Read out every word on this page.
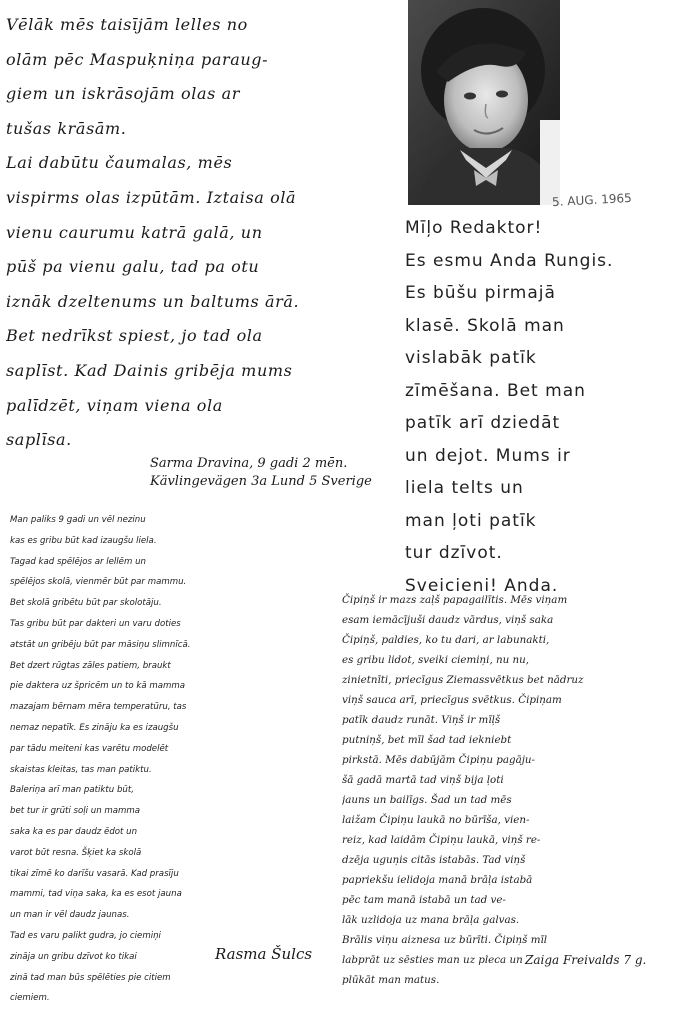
Vēlāk mēs taisījām lelles no
olām pēc Maspuķniņa paraug-
giem un iskrāsojām olas ar
tušas krāsām.
Lai dabūtu čaumalas, mēs
vispirms olas izpūtām. Iztaisa olā
vienu caurumu katrā galā, un
pūš pa vienu galu, tad pa otu
iznāk dzeltenums un baltums ārā.
Bet nedrīkst spiest, jo tad ola
saplīst. Kad Dainis gribēja mums
palīdzēt, viņam viena ola
saplīsa.
Sarma Dravina, 9 gadi 2 mēn.
Kävlingevägen 3a Lund 5 Sverige
5. AUG. 1965
Mīļo Redaktor!
Es esmu Anda Rungis.
Es būšu pirmajā
klasē. Skolā man
vislabāk patīk
zīmēšana. Bet man
patīk arī dziedāt
un dejot. Mums ir
liela telts un
man ļoti patīk
tur dzīvot.
Sveicieni! Anda.
Man paliks 9 gadi un vēl nezinu
kas es gribu būt kad izaugšu liela.
Tagad kad spēlējos ar lellēm un
spēlējos skolā, vienmēr būt par mammu.
Bet skolā gribētu būt par skolotāju.
Tas gribu būt par dakteri un varu doties
atstāt un gribēju būt par māsiņu slimnīcā.
Bet dzert rūgtas zāles patiem, braukt
pie daktera uz špricēm un to kā mamma
mazajam bērnam mēra temperatūru, tas
nemaz nepatīk. Es zināju ka es izaugšu
par tādu meiteni kas varētu modelēt
skaistas kleitas, tas man patiktu.
Baleriņa arī man patiktu būt,
bet tur ir grūti soļi un mamma
saka ka es par daudz ēdot un
varot būt resna. Šķiet ka skolā
tikai zīmē ko darīšu vasarā. Kad prasīju
mammi, tad viņa saka, ka es esot jauna
un man ir vēl daudz jaunas.
Tad es varu palikt gudra, jo ciemiņi
zināja un gribu dzīvot ko tikai
zinā tad man būs spēlēties pie citiem
ciemiem.
Rasma Šulcs
Čipiņš ir mazs zaļš papagailītis. Mēs viņam
esam iemācījuši daudz vārdus, viņš saka
Čipiņš, paldies, ko tu dari, ar labunakti,
es gribu lidot, sveiki ciemiņi, nu nu,
zinietnīti, priecīgus Ziemassvētkus bet nādruz
viņš sauca arī, priecīgus svētkus. Čipiņam
patīk daudz runāt. Viņš ir mīļš
putniņš, bet mīl šad tad iekniebt
pirkstā. Mēs dabūjām Čipiņu pagāju-
šā gadā martā tad viņš bija ļoti
jauns un bailīgs. Šad un tad mēs
laižam Čipiņu laukā no būrīša, vien-
reiz, kad laidām Čipiņu laukā, viņš re-
dzēja uguņis citās istabās. Tad viņš
papriekšu ielidoja manā brāļa istabā
pēc tam manā istabā un tad ve-
lāk uzlidoja uz mana brāļa galvas.
Brālis viņu aiznesa uz būrīti. Čipiņš mīl
labprāt uz sēsties man uz pleca un
plūkāt man matus.
Zaiga Freivalds 7 g.
